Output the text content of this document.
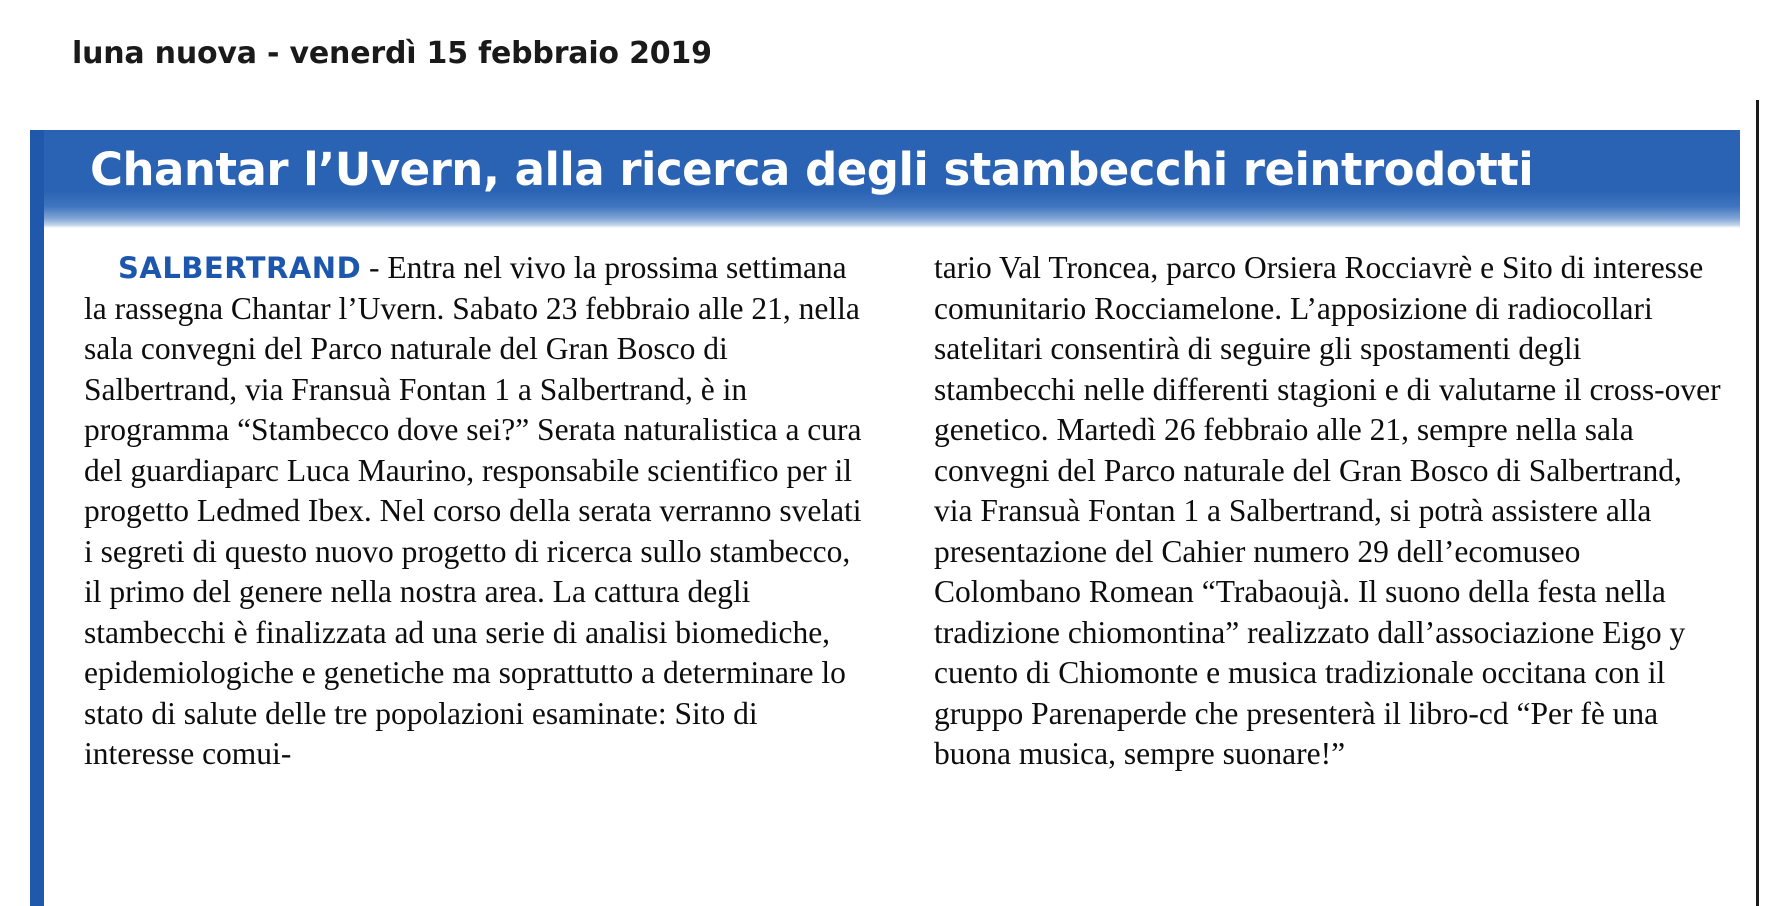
luna nuova - venerdì 15 febbraio 2019
Chantar l’Uvern, alla ricerca degli stambecchi reintrodotti

SALBERTRAND - Entra nel vivo la prossima settimana la rassegna Chantar l’Uvern. Sabato 23 febbraio alle 21, nella sala convegni del Parco naturale del Gran Bosco di Salbertrand, via Fransuà Fontan 1 a Salbertrand, è in programma “Stambecco dove sei?” Serata naturalistica a cura del guardiaparc Luca Maurino, responsabile scientifico per il progetto Ledmed Ibex. Nel corso della serata verranno svelati i segreti di questo nuovo progetto di ricerca sullo stambecco, il primo del genere nella nostra area. La cattura degli stambecchi è finalizzata ad una serie di analisi biomediche, epidemiologiche e genetiche ma soprattutto a determinare lo stato di salute delle tre popolazioni esaminate: Sito di interesse comui-

tario Val Troncea, parco Orsiera Rocciavrè e Sito di interesse comunitario Rocciamelone. L’apposizione di radiocollari satelitari consentirà di seguire gli spostamenti degli stambecchi nelle differenti stagioni e di valutarne il cross-over genetico. Martedì 26 febbraio alle 21, sempre nella sala convegni del Parco naturale del Gran Bosco di Salbertrand, via Fransuà Fontan 1 a Salbertrand, si potrà assistere alla presentazione del Cahier numero 29 dell’ecomuseo Colombano Romean “Trabaoujà. Il suono della festa nella tradizione chiomontina” realizzato dall’associazione Eigo y cuento di Chiomonte e musica tradizionale occitana con il gruppo Parenaperde che presenterà il libro-cd “Per fè una buona musica, sempre suonare!”
